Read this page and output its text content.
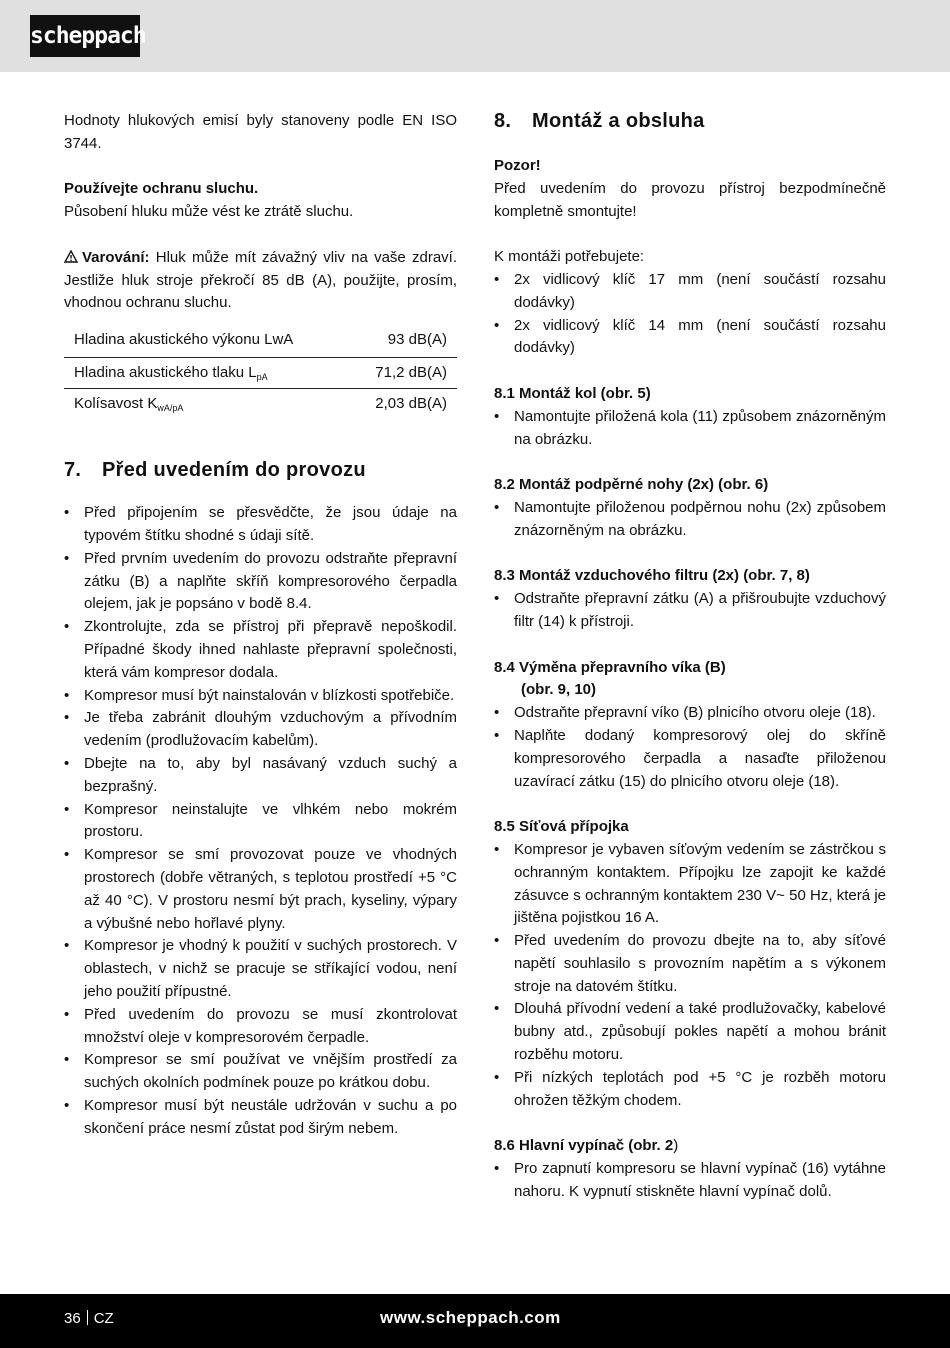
scheppach

Hodnoty hlukových emisí byly stanoveny podle EN ISO 3744.

Používejte ochranu sluchu.

Působení hluku může vést ke ztrátě sluchu.

Varování: Hluk může mít závažný vliv na vaše zdraví. Jestliže hluk stroje překročí 85 dB (A), použijte, prosím, vhodnou ochranu sluchu.

Hladina akustického výkonu LwA	93 dB(A)
Hladina akustického tlaku $L_{pA}$	71,2 dB(A)
Kolísavost $K_{wA/pA}$	2,03 dB(A)
7. Před uvedením do provozu
• Před připojením se přesvědčte, že jsou údaje na typovém štítku shodné s údaji sítě.
• Před prvním uvedením do provozu odstraňte přepravní zátku (B) a naplňte skříň kompresorového čerpadla olejem, jak je popsáno v bodě 8.4.
• Zkontrolujte, zda se přístroj při přepravě nepoškodil. Případné škody ihned nahlaste přepravní společnosti, která vám kompresor dodala.
• Kompresor musí být nainstalován v blízkosti spotřebiče.
• Je třeba zabránit dlouhým vzduchovým a přívodním vedením (prodlužovacím kabelům).
• Dbejte na to, aby byl nasávaný vzduch suchý a bezprašný.
• Kompresor neinstalujte ve vlhkém nebo mokrém prostoru.
• Kompresor se smí provozovat pouze ve vhodných prostorech (dobře větraných, s teplotou prostředí +5 °C až 40 °C). V prostoru nesmí být prach, kyseliny, výpary a výbušné nebo hořlavé plyny.
• Kompresor je vhodný k použití v suchých prostorech. V oblastech, v nichž se pracuje se stříkající vodou, není jeho použití přípustné.
• Před uvedením do provozu se musí zkontrolovat množství oleje v kompresorovém čerpadle.
• Kompresor se smí používat ve vnějším prostředí za suchých okolních podmínek pouze po krátkou dobu.
• Kompresor musí být neustále udržován v suchu a po skončení práce nesmí zůstat pod širým nebem.
8. Montáž a obsluha

Pozor!

Před uvedením do provozu přístroj bezpodmínečně kompletně smontujte!

K montáži potřebujete:

• 2x vidlicový klíč 17 mm (není součástí rozsahu dodávky)
• 2x vidlicový klíč 14 mm (není součástí rozsahu dodávky)

8.1 Montáž kol (obr. 5)

• Namontujte přiložená kola (11) způsobem znázorněným na obrázku.

8.2 Montáž podpěrné nohy (2x) (obr. 6)

• Namontujte přiloženou podpěrnou nohu (2x) způsobem znázorněným na obrázku.

8.3 Montáž vzduchového filtru (2x) (obr. 7, 8)

• Odstraňte přepravní zátku (A) a přišroubujte vzduchový filtr (14) k přístroji.

8.4 Výměna přepravního víka (B)

(obr. 9, 10)

• Odstraňte přepravní víko (B) plnicího otvoru oleje (18).
• Naplňte dodaný kompresorový olej do skříně kompresorového čerpadla a nasaďte přiloženou uzavírací zátku (15) do plnicího otvoru oleje (18).

8.5 Síťová přípojka

• Kompresor je vybaven síťovým vedením se zástrčkou s ochranným kontaktem. Přípojku lze zapojit ke každé zásuvce s ochranným kontaktem 230 V~ 50 Hz, která je jištěna pojistkou 16 A.
• Před uvedením do provozu dbejte na to, aby síťové napětí souhlasilo s provozním napětím a s výkonem stroje na datovém štítku.
• Dlouhá přívodní vedení a také prodlužovačky, kabelové bubny atd., způsobují pokles napětí a mohou bránit rozběhu motoru.
• Při nízkých teplotách pod +5 °C je rozběh motoru ohrožen těžkým chodem.

8.6 Hlavní vypínač (obr. 2)

• Pro zapnutí kompresoru se hlavní vypínač (16) vytáhne nahoru. K vypnutí stiskněte hlavní vypínač dolů.
36 CZ	www.scheppach.com
